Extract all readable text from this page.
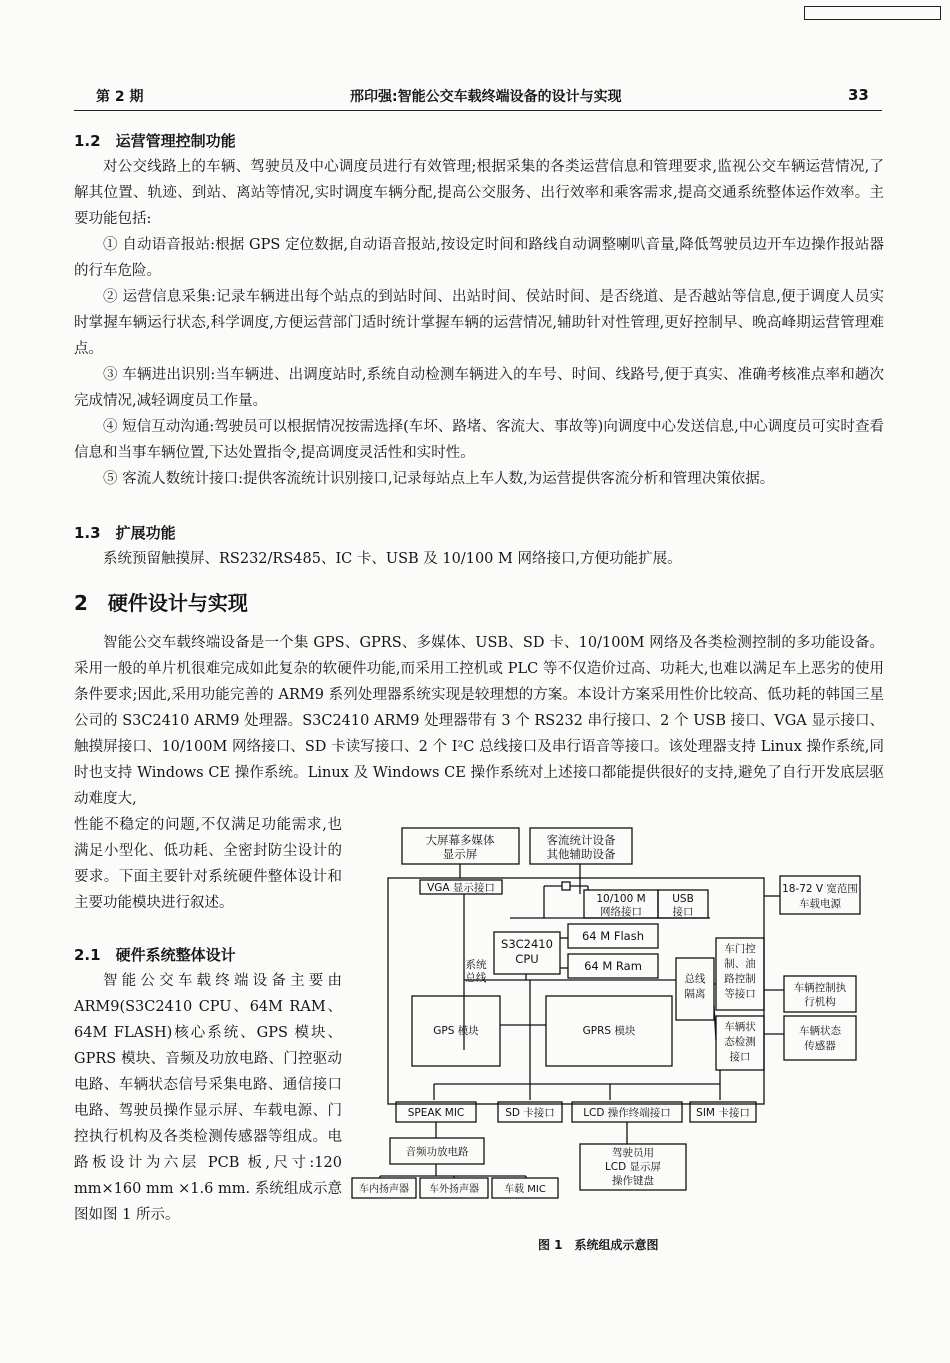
第 2 期	邢印强:智能公交车载终端设备的设计与实现	33
1.2　运营管理控制功能
对公交线路上的车辆、驾驶员及中心调度员进行有效管理;根据采集的各类运营信息和管理要求,监视公交车辆运营情况,了解其位置、轨迹、到站、离站等情况,实时调度车辆分配,提高公交服务、出行效率和乘客需求,提高交通系统整体运作效率。主要功能包括:
① 自动语音报站:根据 GPS 定位数据,自动语音报站,按设定时间和路线自动调整喇叭音量,降低驾驶员边开车边操作报站器的行车危险。
② 运营信息采集:记录车辆进出每个站点的到站时间、出站时间、侯站时间、是否绕道、是否越站等信息,便于调度人员实时掌握车辆运行状态,科学调度,方便运营部门适时统计掌握车辆的运营情况,辅助针对性管理,更好控制早、晚高峰期运营管理难点。
③ 车辆进出识别:当车辆进、出调度站时,系统自动检测车辆进入的车号、时间、线路号,便于真实、准确考核准点率和趟次完成情况,减轻调度员工作量。
④ 短信互动沟通:驾驶员可以根据情况按需选择(车坏、路堵、客流大、事故等)向调度中心发送信息,中心调度员可实时查看信息和当事车辆位置,下达处置指令,提高调度灵活性和实时性。
⑤ 客流人数统计接口:提供客流统计识别接口,记录每站点上车人数,为运营提供客流分析和管理决策依据。
1.3　扩展功能
系统预留触摸屏、RS232/RS485、IC 卡、USB 及 10/100 M 网络接口,方便功能扩展。
2　硬件设计与实现
智能公交车载终端设备是一个集 GPS、GPRS、多媒体、USB、SD 卡、10/100M 网络及各类检测控制的多功能设备。采用一般的单片机很难完成如此复杂的软硬件功能,而采用工控机或 PLC 等不仅造价过高、功耗大,也难以满足车上恶劣的使用条件要求;因此,采用功能完善的 ARM9 系列处理器系统实现是较理想的方案。本设计方案采用性价比较高、低功耗的韩国三星公司的 S3C2410 ARM9 处理器。S3C2410 ARM9 处理器带有 3 个 RS232 串行接口、2 个 USB 接口、VGA 显示接口、触摸屏接口、10/100M 网络接口、SD 卡读写接口、2 个 I²C 总线接口及串行语音等接口。该处理器支持 Linux 操作系统,同时也支持 Windows CE 操作系统。Linux 及 Windows CE 操作系统对上述接口都能提供很好的支持,避免了自行开发底层驱动难度大,
性能不稳定的问题,不仅满足功能需求,也满足小型化、低功耗、全密封防尘设计的要求。下面主要针对系统硬件整体设计和主要功能模块进行叙述。
2.1　硬件系统整体设计
智能公交车载终端设备主要由 ARM9(S3C2410 CPU、64M RAM、64M FLASH)核心系统、GPS 模块、GPRS 模块、音频及功放电路、门控驱动电路、车辆状态信号采集电路、通信接口电路、驾驶员操作显示屏、车载电源、门控执行机构及各类检测传感器等组成。电路板设计为六层 PCB 板,尺寸:120 mm×160 mm ×1.6 mm. 系统组成示意图如图 1 所示。
大屏幕多媒体
显示屏
客流统计设备
其他辅助设备
VGA 显示接口
10/100 M
网络接口
USB
接口
18-72 V 宽范围
车载电源
S3C2410
CPU
64 M Flash
64 M Ram
系统
总线	总线
隔离
车门控
制、油
路控制
等接口	车辆控制执
行机构
GPS 模块	GPRS 模块	车辆状
态检测
接口
车辆状态
传感器
SPEAK MIC	SD 卡接口	LCD 操作终端接口 SIM 卡接口
音频功放电路	驾驶员用
LCD 显示屏
操作键盘
车内扬声器 车外扬声器	车载 MIC
图 1　系统组成示意图
